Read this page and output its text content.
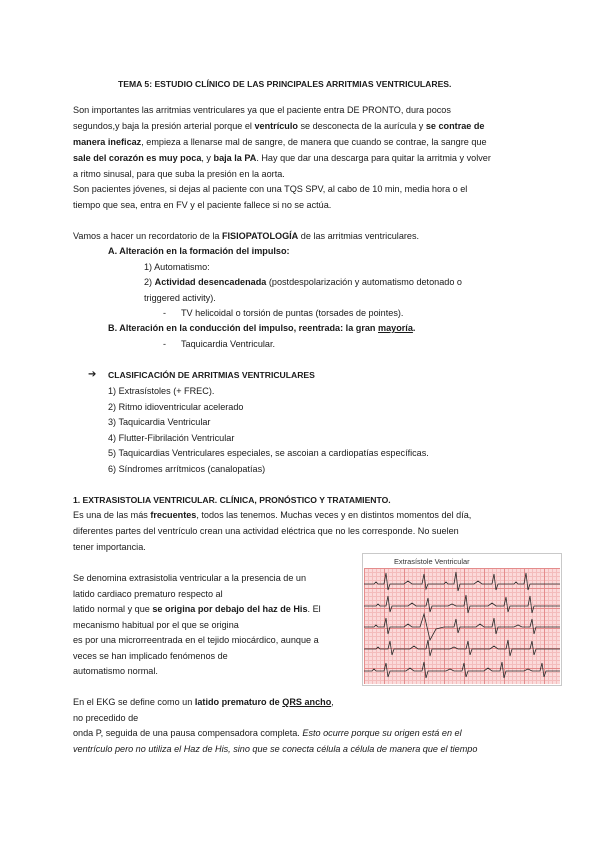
TEMA 5: ESTUDIO CLÍNICO DE LAS PRINCIPALES ARRITMIAS VENTRICULARES.
Son importantes las arritmias ventriculares ya que el paciente entra DE PRONTO, dura pocos
segundos,y baja la presión arterial porque el ventrículo se desconecta de la aurícula y se contrae de
manera ineficaz, empieza a llenarse mal de sangre, de manera que cuando se contrae, la sangre que
sale del corazón es muy poca, y baja la PA. Hay que dar una descarga para quitar la arritmia y volver
a ritmo sinusal, para que suba la presión en la aorta.
Son pacientes jóvenes, si dejas al paciente con una TQS SPV, al cabo de 10 min, media hora o el
tiempo que sea, entra en FV y el paciente fallece si no se actúa.
Vamos a hacer un recordatorio de la FISIOPATOLOGÍA de las arritmias ventriculares.
A. Alteración en la formación del impulso:
1) Automatismo:
2) Actividad desencadenada (postdespolarización y automatismo detonado o
triggered activity).
- TV helicoidal o torsión de puntas (torsades de pointes).
B. Alteración en la conducción del impulso, reentrada: la gran mayoría.
- Taquicardia Ventricular.
➔ CLASIFICACIÓN DE ARRITMIAS VENTRICULARES
1) Extrasístoles (+ FREC).
2) Ritmo idioventricular acelerado
3) Taquicardia Ventricular
4) Flutter-Fibrilación Ventricular
5) Taquicardias Ventriculares especiales, se ascoian a cardiopatías específicas.
6) Síndromes arrítmicos (canalopatías)
1. EXTRASISTOLIA VENTRICULAR. CLÍNICA, PRONÓSTICO Y TRATAMIENTO.
Es una de las más frecuentes, todos las tenemos. Muchas veces y en distintos momentos del día,
diferentes partes del ventrículo crean una actividad eléctrica que no les corresponde. No suelen
tener importancia.
Se denomina extrasistolia ventricular a la presencia de un
latido cardiaco prematuro respecto al
latido normal y que se origina por debajo del haz de His. El
mecanismo habitual por el que se origina
es por una microrreentrada en el tejido miocárdico, aunque a
veces se han implicado fenómenos de
automatismo normal.
En el EKG se define como un latido prematuro de QRS ancho,
no precedido de
onda P, seguida de una pausa compensadora completa. Esto ocurre porque su origen está en el
ventrículo pero no utiliza el Haz de His, sino que se conecta célula a célula de manera que el tiempo
Extrasístole Ventricular
